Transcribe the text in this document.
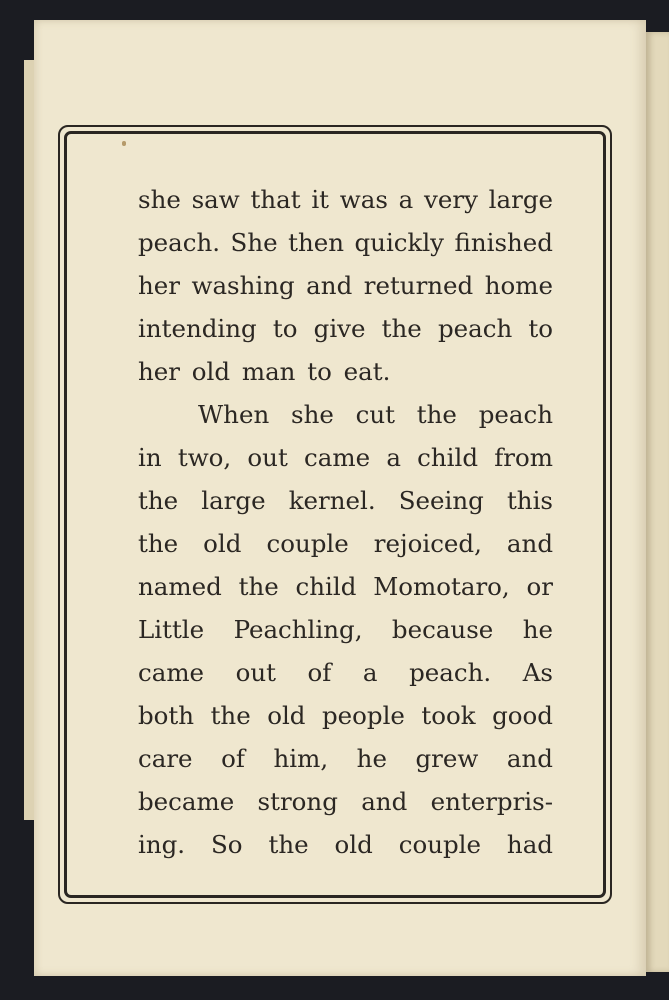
she saw that it was a very large
peach. She then quickly finished
her washing and returned home
intending to give the peach to
her old man to eat.
When she cut the peach
in two, out came a child from
the large kernel. Seeing this
the old couple rejoiced, and
named the child Momotaro, or
Little Peachling, because he
came out of a peach. As
both the old people took good
care of him, he grew and
became strong and enterpris-
ing. So the old couple had
